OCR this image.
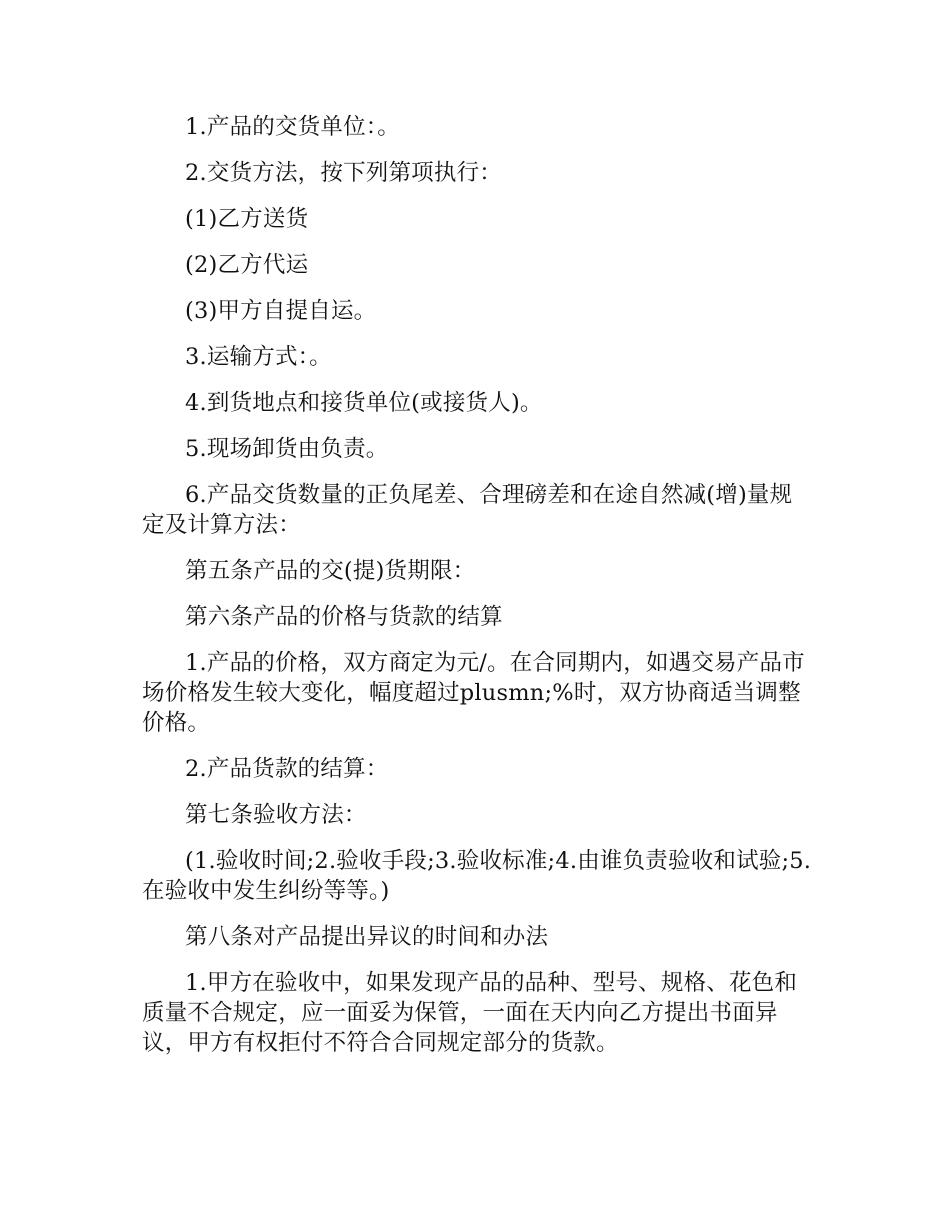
1.产品的交货单位：。

2.交货方法，按下列第项执行：

(1)乙方送货

(2)乙方代运

(3)甲方自提自运。

3.运输方式：。

4.到货地点和接货单位(或接货人)。

5.现场卸货由负责。

6.产品交货数量的正负尾差、合理磅差和在途自然减(增)量规定及计算方法：

第五条产品的交(提)货期限：

第六条产品的价格与货款的结算

1.产品的价格，双方商定为元/。在合同期内，如遇交易产品市场价格发生较大变化，幅度超过plusmn;%时，双方协商适当调整价格。

2.产品货款的结算：

第七条验收方法：

(1.验收时间;2.验收手段;3.验收标准;4.由谁负责验收和试验;5.在验收中发生纠纷等等。)

第八条对产品提出异议的时间和办法

1.甲方在验收中，如果发现产品的品种、型号、规格、花色和质量不合规定，应一面妥为保管，一面在天内向乙方提出书面异议，甲方有权拒付不符合合同规定部分的货款。
